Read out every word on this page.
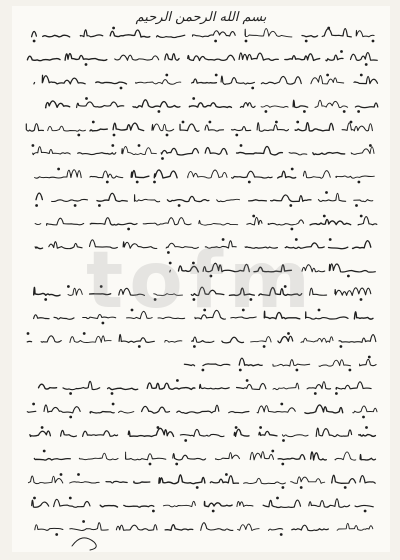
بسم الله الرحمن الرحيم
tofm
